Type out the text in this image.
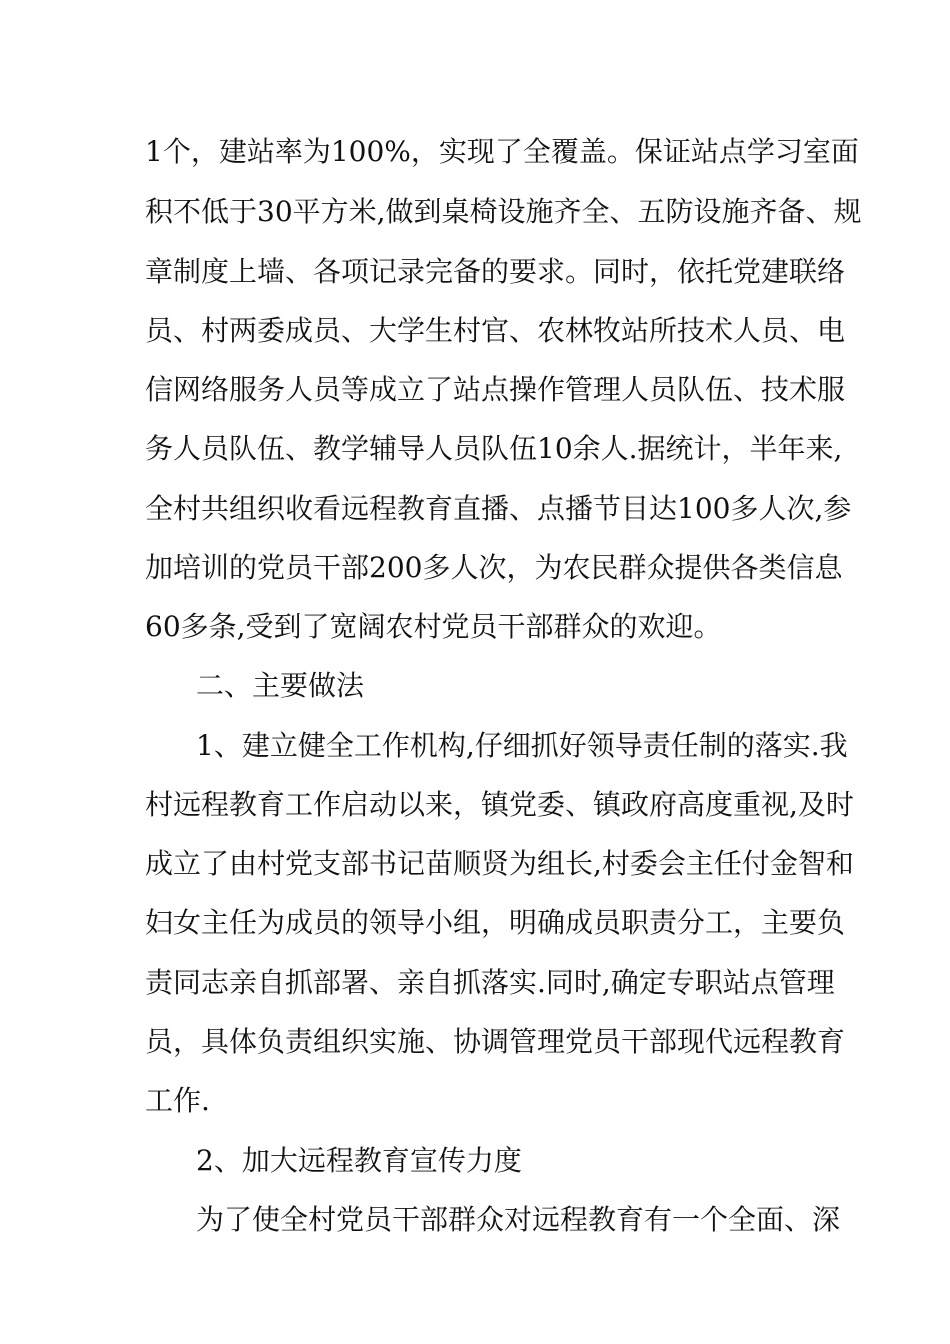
1个，建站率为100%，实现了全覆盖。保证站点学习室面
积不低于30平方米,做到桌椅设施齐全、五防设施齐备、规
章制度上墙、各项记录完备的要求。同时，依托党建联络
员、村两委成员、大学生村官、农林牧站所技术人员、电
信网络服务人员等成立了站点操作管理人员队伍、技术服
务人员队伍、教学辅导人员队伍10余人.据统计，半年来,
全村共组织收看远程教育直播、点播节目达100多人次,参
加培训的党员干部200多人次，为农民群众提供各类信息
60多条,受到了宽阔农村党员干部群众的欢迎。
二、主要做法
1、建立健全工作机构,仔细抓好领导责任制的落实.我
村远程教育工作启动以来，镇党委、镇政府高度重视,及时
成立了由村党支部书记苗顺贤为组长,村委会主任付金智和
妇女主任为成员的领导小组，明确成员职责分工，主要负
责同志亲自抓部署、亲自抓落实.同时,确定专职站点管理
员，具体负责组织实施、协调管理党员干部现代远程教育
工作.
2、加大远程教育宣传力度
为了使全村党员干部群众对远程教育有一个全面、深
